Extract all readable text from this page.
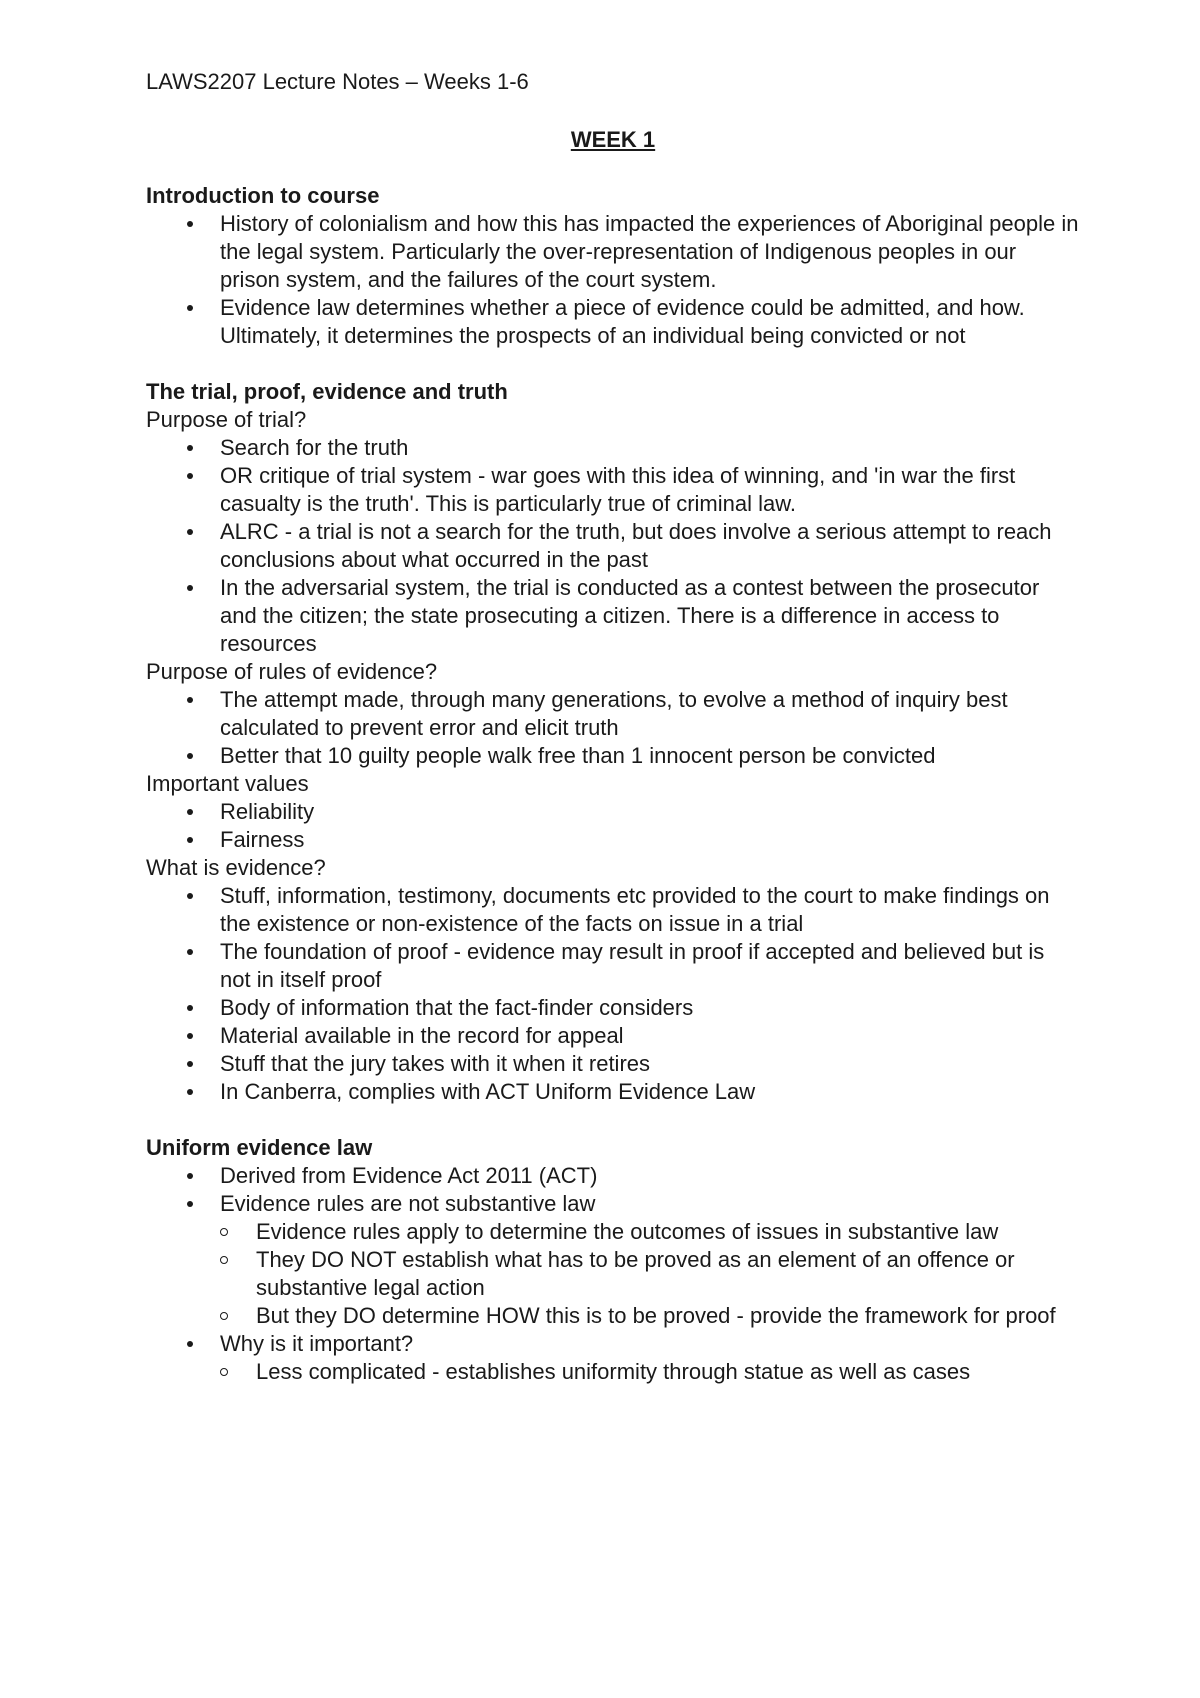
LAWS2207 Lecture Notes – Weeks 1-6
WEEK 1
Introduction to course
History of colonialism and how this has impacted the experiences of Aboriginal people in the legal system. Particularly the over-representation of Indigenous peoples in our prison system, and the failures of the court system.
Evidence law determines whether a piece of evidence could be admitted, and how. Ultimately, it determines the prospects of an individual being convicted or not
The trial, proof, evidence and truth
Purpose of trial?
Search for the truth
OR critique of trial system - war goes with this idea of winning, and 'in war the first casualty is the truth'. This is particularly true of criminal law.
ALRC - a trial is not a search for the truth, but does involve a serious attempt to reach conclusions about what occurred in the past
In the adversarial system, the trial is conducted as a contest between the prosecutor and the citizen; the state prosecuting a citizen. There is a difference in access to resources
Purpose of rules of evidence?
The attempt made, through many generations, to evolve a method of inquiry best calculated to prevent error and elicit truth
Better that 10 guilty people walk free than 1 innocent person be convicted
Important values
Reliability
Fairness
What is evidence?
Stuff, information, testimony, documents etc provided to the court to make findings on the existence or non-existence of the facts on issue in a trial
The foundation of proof - evidence may result in proof if accepted and believed but is not in itself proof
Body of information that the fact-finder considers
Material available in the record for appeal
Stuff that the jury takes with it when it retires
In Canberra, complies with ACT Uniform Evidence Law
Uniform evidence law
Derived from Evidence Act 2011 (ACT)
Evidence rules are not substantive law
Evidence rules apply to determine the outcomes of issues in substantive law
They DO NOT establish what has to be proved as an element of an offence or substantive legal action
But they DO determine HOW this is to be proved - provide the framework for proof
Why is it important?
Less complicated - establishes uniformity through statue as well as cases
